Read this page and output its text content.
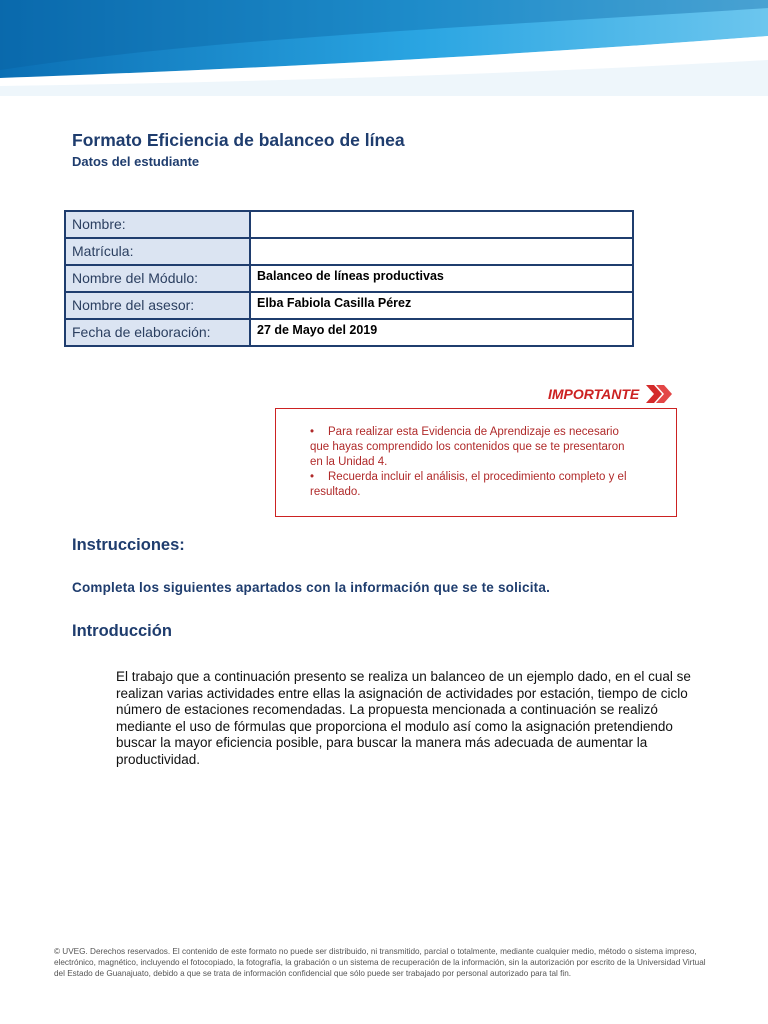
Formato Eficiencia de balanceo de línea
Datos del estudiante
Nombre:	
Matrícula:	
Nombre del Módulo:	Balanceo de líneas productivas
Nombre del asesor:	Elba Fabiola Casilla Pérez
Fecha de elaboración:	27 de Mayo del 2019
IMPORTANTE
• Para realizar esta Evidencia de Aprendizaje es necesario que hayas comprendido los contenidos que se te presentaron en la Unidad 4.
• Recuerda incluir el análisis, el procedimiento completo y el resultado.
Instrucciones:
Completa los siguientes apartados con la información que se te solicita.
Introducción
El trabajo que a continuación presento se realiza un balanceo de un ejemplo dado, en el cual se realizan varias actividades entre ellas la asignación de actividades por estación, tiempo de ciclo número de estaciones recomendadas. La propuesta mencionada a continuación se realizó mediante el uso de fórmulas que proporciona el modulo así como la asignación pretendiendo buscar la mayor eficiencia posible, para buscar la manera más adecuada de aumentar la productividad.
© UVEG. Derechos reservados. El contenido de este formato no puede ser distribuido, ni transmitido, parcial o totalmente, mediante cualquier medio, método o sistema impreso, electrónico, magnético, incluyendo el fotocopiado, la fotografía, la grabación o un sistema de recuperación de la información, sin la autorización por escrito de la Universidad Virtual del Estado de Guanajuato, debido a que se trata de información confidencial que sólo puede ser trabajado por personal autorizado para tal fin.
